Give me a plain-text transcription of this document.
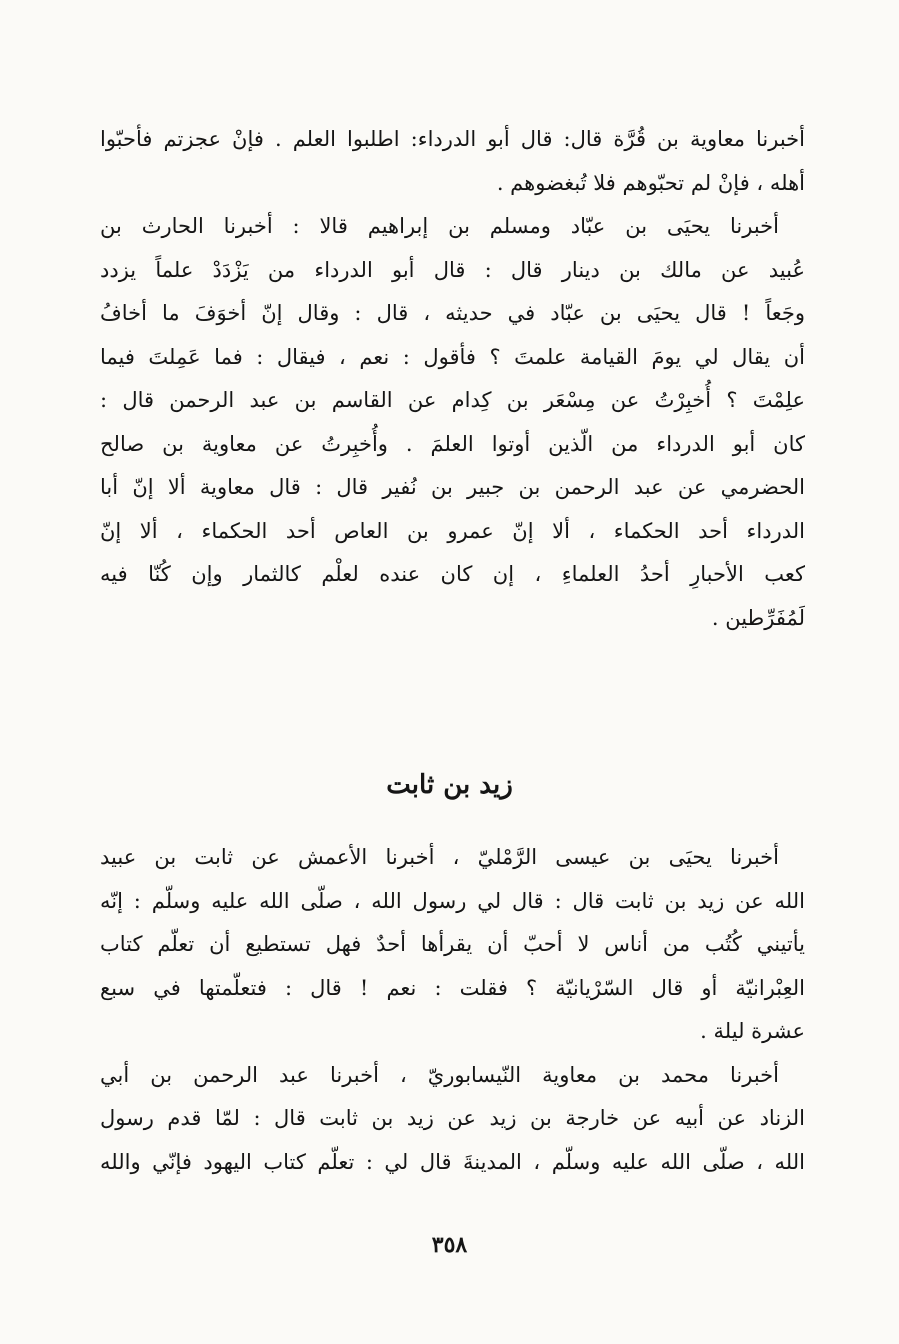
أخبرنا معاوية بن قُرَّة قال: قال أبو الدرداء: اطلبوا العلم . فإنْ عجزتم فأحبّوا
أهله ، فإنْ لم تحبّوهم فلا تُبغضوهم .
أخبرنا يحيَى بن عبّاد ومسلم بن إبراهيم قالا : أخبرنا الحارث بن
عُبيد عن مالك بن دينار قال : قال أبو الدرداء من يَزْدَدْ علماً يزدد
وجَعاً ! قال يحيَى بن عبّاد في حديثه ، قال : وقال إنّ أخوَفَ ما أخافُ
أن يقال لي يومَ القيامة علمتَ ؟ فأقول : نعم ، فيقال : فما عَمِلتَ فيما
علِمْتَ ؟ أُخبِرْتُ عن مِسْعَر بن كِدام عن القاسم بن عبد الرحمن قال :
كان أبو الدرداء من الّذين أوتوا العلمَ . وأُخبِرتُ عن معاوية بن صالح
الحضرمي عن عبد الرحمن بن جبير بن نُفير قال : قال معاوية ألا إنّ أبا
الدرداء أحد الحكماء ، ألا إنّ عمرو بن العاص أحد الحكماء ، ألا إنّ
كعب الأحبارِ أحدُ العلماءِ ، إن كان عنده لعلْم كالثمار وإن كُنّا فيه
لَمُفَرِّطين .
زيد بن ثابت
أخبرنا يحيَى بن عيسى الرَّمْليّ ، أخبرنا الأعمش عن ثابت بن عبيد
الله عن زيد بن ثابت قال : قال لي رسول الله ، صلّى الله عليه وسلّم : إنّه
يأتيني كُتُب من أناس لا أحبّ أن يقرأها أحدٌ فهل تستطيع أن تعلّم كتاب
العِبْرانيّة أو قال السّرْيانيّة ؟ فقلت : نعم ! قال : فتعلّمتها في سبع
عشرة ليلة .
أخبرنا محمد بن معاوية النّيسابوريّ ، أخبرنا عبد الرحمن بن أبي
الزناد عن أبيه عن خارجة بن زيد عن زيد بن ثابت قال : لمّا قدم رسول
الله ، صلّى الله عليه وسلّم ، المدينةَ قال لي : تعلّم كتاب اليهود فإنّي والله
٣٥٨
